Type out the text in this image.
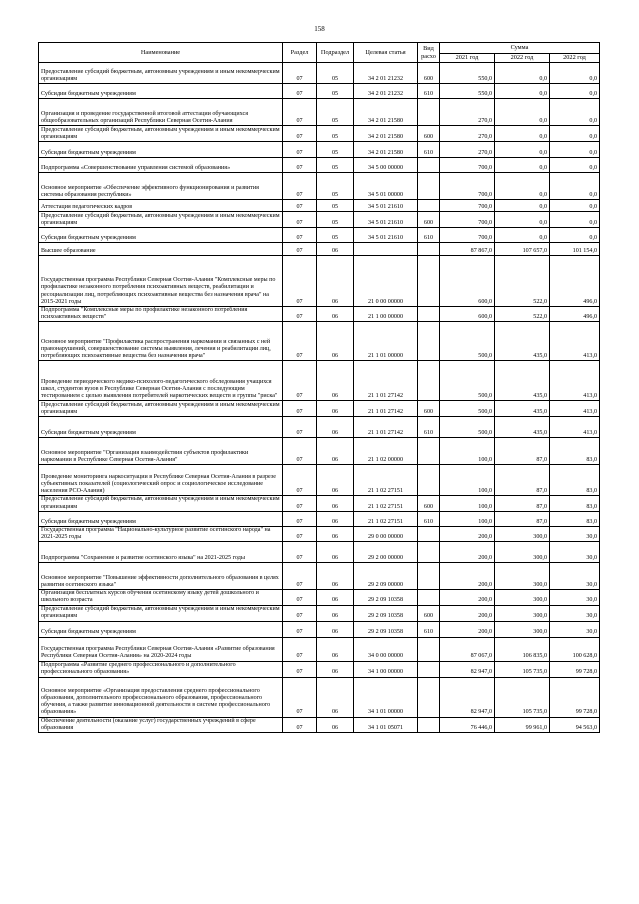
158
Наименование	Раздел	Подраздел	Целевая статья	Вид расхо	Сумма		
					2021 год	2022 год	2022 год
Предоставление субсидий бюджетным, автономным учреждениям и иным некоммерческим организациям	07	05	34 2 01 21232	600	550,0	0,0	0,0
Субсидии бюджетным учреждениям	07	05	34 2 01 21232	610	550,0	0,0	0,0
Организация и проведение государственной итоговой аттестации обучающихся общеобразовательных организаций Республики Северная Осетия-Алания	07	05	34 2 01 21580		270,0	0,0	0,0
Предоставление субсидий бюджетным, автономным учреждениям и иным некоммерческим организациям	07	05	34 2 01 21580	600	270,0	0,0	0,0
Субсидии бюджетным учреждениям	07	05	34 2 01 21580	610	270,0	0,0	0,0
Подпрограмма «Совершенствование управления системой образования»	07	05	34 5 00 00000		700,0	0,0	0,0
Основное мероприятие «Обеспечение эффективного функционирования и развития системы образования республики»	07	05	34 5 01 00000		700,0	0,0	0,0
Аттестация педагогических кадров	07	05	34 5 01 21610		700,0	0,0	0,0
Предоставление субсидий бюджетным, автономным учреждениям и иным некоммерческим организациям	07	05	34 5 01 21610	600	700,0	0,0	0,0
Субсидии бюджетным учреждениям	07	05	34 5 01 21610	610	700,0	0,0	0,0
Высшее образование	07	06			87 867,0	107 657,0	101 154,0
Государственная программа Республики Северная Осетия-Алания "Комплексные меры по профилактике незаконного потребления психоактивных веществ, реабилитации и ресоциализации лиц, потребляющих психоактивные вещества без назначения врача" на 2015-2021 годы	07	06	21 0 00 00000		600,0	522,0	496,0
Подпрограмма "Комплексные меры по профилактике незаконного потребления психоактивных веществ"	07	06	21 1 00 00000		600,0	522,0	496,0
Основное мероприятие "Профилактика распространения наркомании и связанных с ней правонарушений, совершенствование системы выявления, лечения и реабилитации лиц, потребляющих психоактивные вещества без назначения врача"	07	06	21 1 01 00000		500,0	435,0	413,0
Проведение периодического медико-психолого-педагогического обследования учащихся школ, студентов вузов в Республике Северная Осетия-Алания с последующим тестированием с целью выявления потребителей наркотических веществ и группы "риска"	07	06	21 1 01 27142		500,0	435,0	413,0
Предоставление субсидий бюджетным, автономным учреждениям и иным некоммерческим организациям	07	06	21 1 01 27142	600	500,0	435,0	413,0
Субсидии бюджетным учреждениям	07	06	21 1 01 27142	610	500,0	435,0	413,0
Основное мероприятие "Организация взаимодействия субъектов профилактики наркомании в Республике Северная Осетия-Алания"	07	06	21 1 02 00000		100,0	87,0	83,0
Проведение мониторинга наркоситуации в Республике Северная Осетия-Алания в разрезе субъективных показателей (социологический опрос и социологическое исследование населения РСО-Алания)	07	06	21 1 02 27151		100,0	87,0	83,0
Предоставление субсидий бюджетным, автономным учреждениям и иным некоммерческим организациям	07	06	21 1 02 27151	600	100,0	87,0	83,0
Субсидии бюджетным учреждениям	07	06	21 1 02 27151	610	100,0	87,0	83,0
Государственная программа "Национально-культурное развитие осетинского народа" на 2021-2025 годы	07	06	29 0 00 00000		200,0	300,0	30,0
Подпрограмма "Сохранение и развитие осетинского языка" на 2021-2025 годы	07	06	29 2 00 00000		200,0	300,0	30,0
Основное мероприятие "Повышение эффективности дополнительного образования в целях развития осетинского языка"	07	06	29 2 09 00000		200,0	300,0	30,0
Организация бесплатных курсов обучения осетинскому языку детей дошкольного и школьного возраста	07	06	29 2 09 10358		200,0	300,0	30,0
Предоставление субсидий бюджетным, автономным учреждениям и иным некоммерческим организациям	07	06	29 2 09 10358	600	200,0	300,0	30,0
Субсидии бюджетным учреждениям	07	06	29 2 09 10358	610	200,0	300,0	30,0
Государственная программа Республики Северная Осетия-Алания «Развитие образования Республики Северная Осетия-Алания» на 2020-2024 годы	07	06	34 0 00 00000		87 067,0	106 835,0	100 628,0
Подпрограмма «Развитие среднего профессионального и дополнительного профессионального образования»	07	06	34 1 00 00000		82 947,0	105 735,0	99 728,0
Основное мероприятие «Организация предоставления среднего профессионального образования, дополнительного профессионального образования, профессионального обучения, а также развитие инновационной деятельности в системе профессионального образования»	07	06	34 1 01 00000		82 947,0	105 735,0	99 728,0
Обеспечение деятельности (оказание услуг) государственных учреждений в сфере образования	07	06	34 1 01 05071		76 446,0	99 961,0	94 563,0
